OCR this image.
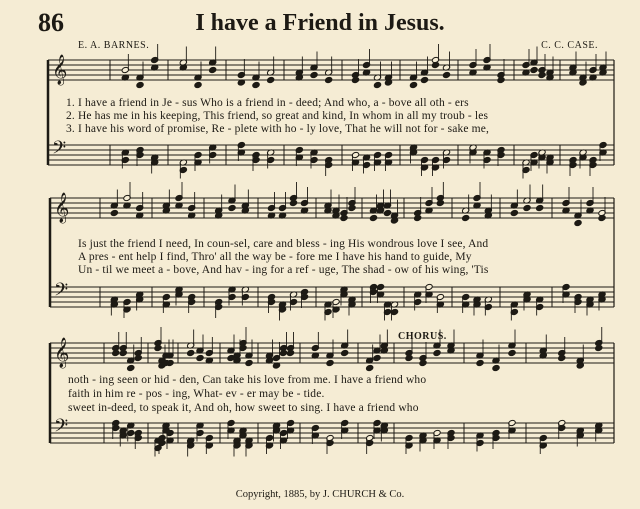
86	I have a Friend in Jesus.
E. A. BARNES.	C. C. CASE.
𝄞
𝄢
𝄞
𝄢
𝄞
𝄢
1. I have a friend in Je - sus Who is a friend in - deed; And who, a - bove all oth - ers
2. He has me in his keeping, This friend, so great and kind, In whom in all my troub - les
3. I have his word of promise, Re - plete with ho - ly love, That he will not for - sake me,
Is just the friend I need, In coun-sel, care and bless - ing His wondrous love I see, And
A pres - ent help I find, Thro' all the way be - fore me I have his hand to guide, My
Un - til we meet a - bove, And hav - ing for a ref - uge, The shad - ow of his wing, 'Tis
noth - ing seen or hid - den, Can take his love from me. I have a friend who
faith in him re - pos - ing, What- ev - er may be - tide.
sweet in-deed, to speak it, And oh, how sweet to sing. I have a friend who
CHORUS.
Copyright, 1885, by J. CHURCH & Co.
